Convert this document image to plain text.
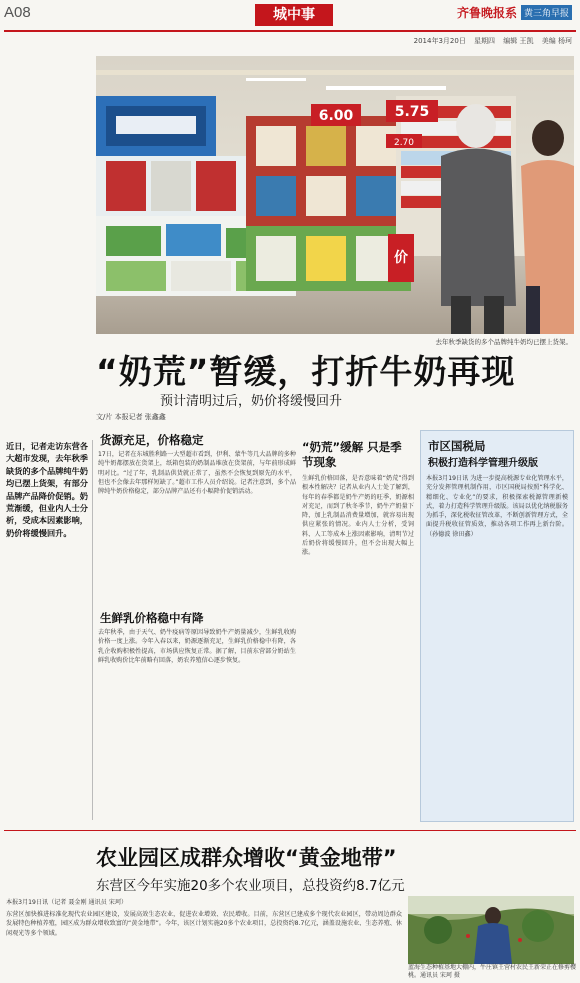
A08	城中事	齐鲁晚报系 黄三角早报
2014年3月20日 星期四 编辑 王凯 美编 杨珂
6.00	5.75
2.70
价
去年秋季缺货的多个品牌纯牛奶均已摆上货架。
“奶荒”暂缓，打折牛奶再现
预计清明过后，奶价将缓慢回升
文/片 本报记者 张鑫鑫
近日，记者走访东营各大超市发现，去年秋季缺货的多个品牌纯牛奶均已摆上货架，有部分品牌产品降价促销。奶荒渐缓，但业内人士分析，受成本因素影响，奶价将缓慢回升。
货源充足，价格稳定
17日，记者在东城胜利路一大型超市看到，伊利、蒙牛等几大品牌的多种纯牛奶都摆放在货架上，纸箱包装的奶制品堆放在货架前，与年前形成鲜明对比。“过了年，乳制品供货就正常了，虽然不会恢复到原先的水平，但也不会像去年那样短缺了。”超市工作人员介绍说。记者注意到，多个品牌纯牛奶价格稳定，部分品牌产品还有小幅降价促销活动。
生鲜乳价格稳中有降
去年秋季，由于天气、奶牛疫病等原因导致奶牛产奶量减少，生鲜乳收购价格一度上涨。今年入春以来，奶源逐渐充足，生鲜乳价格稳中有降，各乳企收购积极性提高，市场供应恢复正常。据了解，目前东营部分奶站生鲜乳收购价比年前略有回落，奶农养殖信心逐步恢复。
“奶荒”缓解 只是季节现象
生鲜乳价格回落，是否意味着“奶荒”得到根本性解决？记者从业内人士处了解到，每年的春季都是奶牛产奶的旺季，奶源相对充足，而到了秋冬季节，奶牛产奶量下降，加上乳制品消费量增加，就容易出现供应紧张的情况。业内人士分析，受饲料、人工等成本上涨因素影响，清明节过后奶价将缓慢回升，但不会出现大幅上涨。
市区国税局
积极打造科学管理升级版
本报3月19日讯 为进一步提高税源专业化管理水平，充分发挥管理机制作用，市区国税局按照“科学化、精细化、专业化”的要求，积极探索税源管理新模式，着力打造科学管理升级版。该局以优化纳税服务为抓手，深化税收征管改革，不断创新管理方式，全面提升税收征管质效，推动各项工作再上新台阶。（孙德波 徐田鑫）
农业园区成群众增收“黄金地带”
东营区今年实施20多个农业项目，总投资约8.7亿元
本报3月19日讯（记者 聂金刚 通讯员 宋珂）
东营区加快推进标准化现代农业园区建设，发展高效生态农业，促进农业增效、农民增收。目前，东营区已建成多个现代农业园区，带动周边群众发展特色种植养殖，园区成为群众增收致富的“黄金地带”。今年，该区计划实施20多个农业项目，总投资约8.7亿元，涵盖设施农业、生态养殖、休闲观光等多个领域。
蓝海生态种植基地大棚内，牛庄镇王营村农民王新荣正在修剪樱桃。通讯员 宋珂 摄
